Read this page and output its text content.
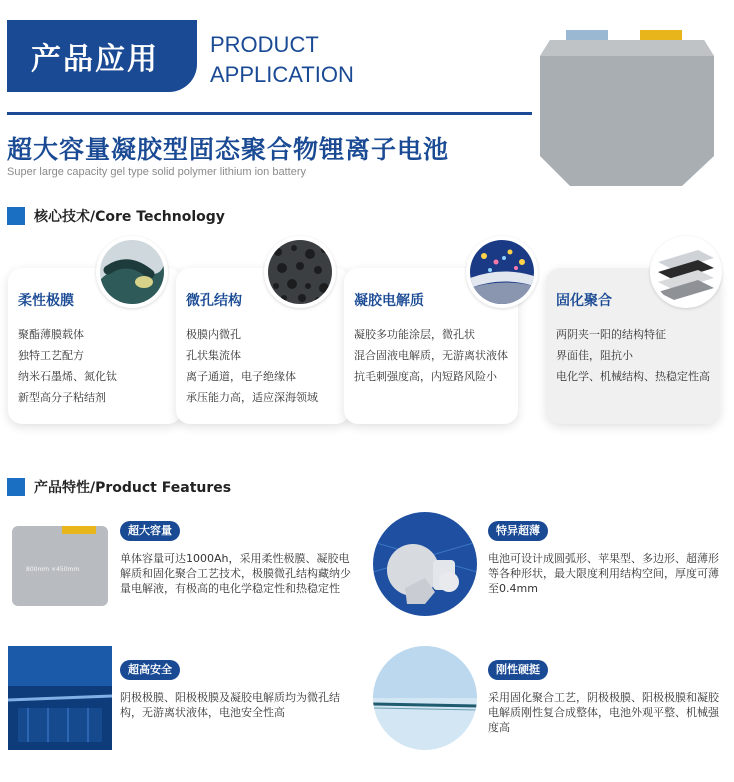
产品应用 PRODUCT
APPLICATION
超大容量凝胶型固态聚合物锂离子电池
Super large capacity gel type solid polymer lithium ion battery
核心技术/Core Technology
柔性极膜
聚酯薄膜载体
独特工艺配方
纳米石墨烯、氮化钛
新型高分子粘结剂
微孔结构
极膜内微孔
孔状集流体
离子通道，电子绝缘体
承压能力高，适应深海领域
凝胶电解质
凝胶多功能涂层，微孔状
混合固液电解质，无游离状液体
抗毛刺强度高，内短路风险小
固化聚合
两阴夹一阳的结构特征
界面佳，阻抗小
电化学、机械结构、热稳定性高
产品特性/Product Features
800mm ×450mm
超大容量
单体容量可达1000Ah，采用柔性极膜、凝胶电解质和固化聚合工艺技术，极膜微孔结构藏纳少量电解液，有极高的电化学稳定性和热稳定性
特异超薄
电池可设计成圆弧形、苹果型、多边形、超薄形等各种形状，最大限度利用结构空间，厚度可薄至0.4mm
超高安全
阴极极膜、阳极极膜及凝胶电解质均为微孔结构，无游离状液体，电池安全性高
刚性硬挺
采用固化聚合工艺，阴极极膜、阳极极膜和凝胶电解质刚性复合成整体，电池外观平整、机械强度高
